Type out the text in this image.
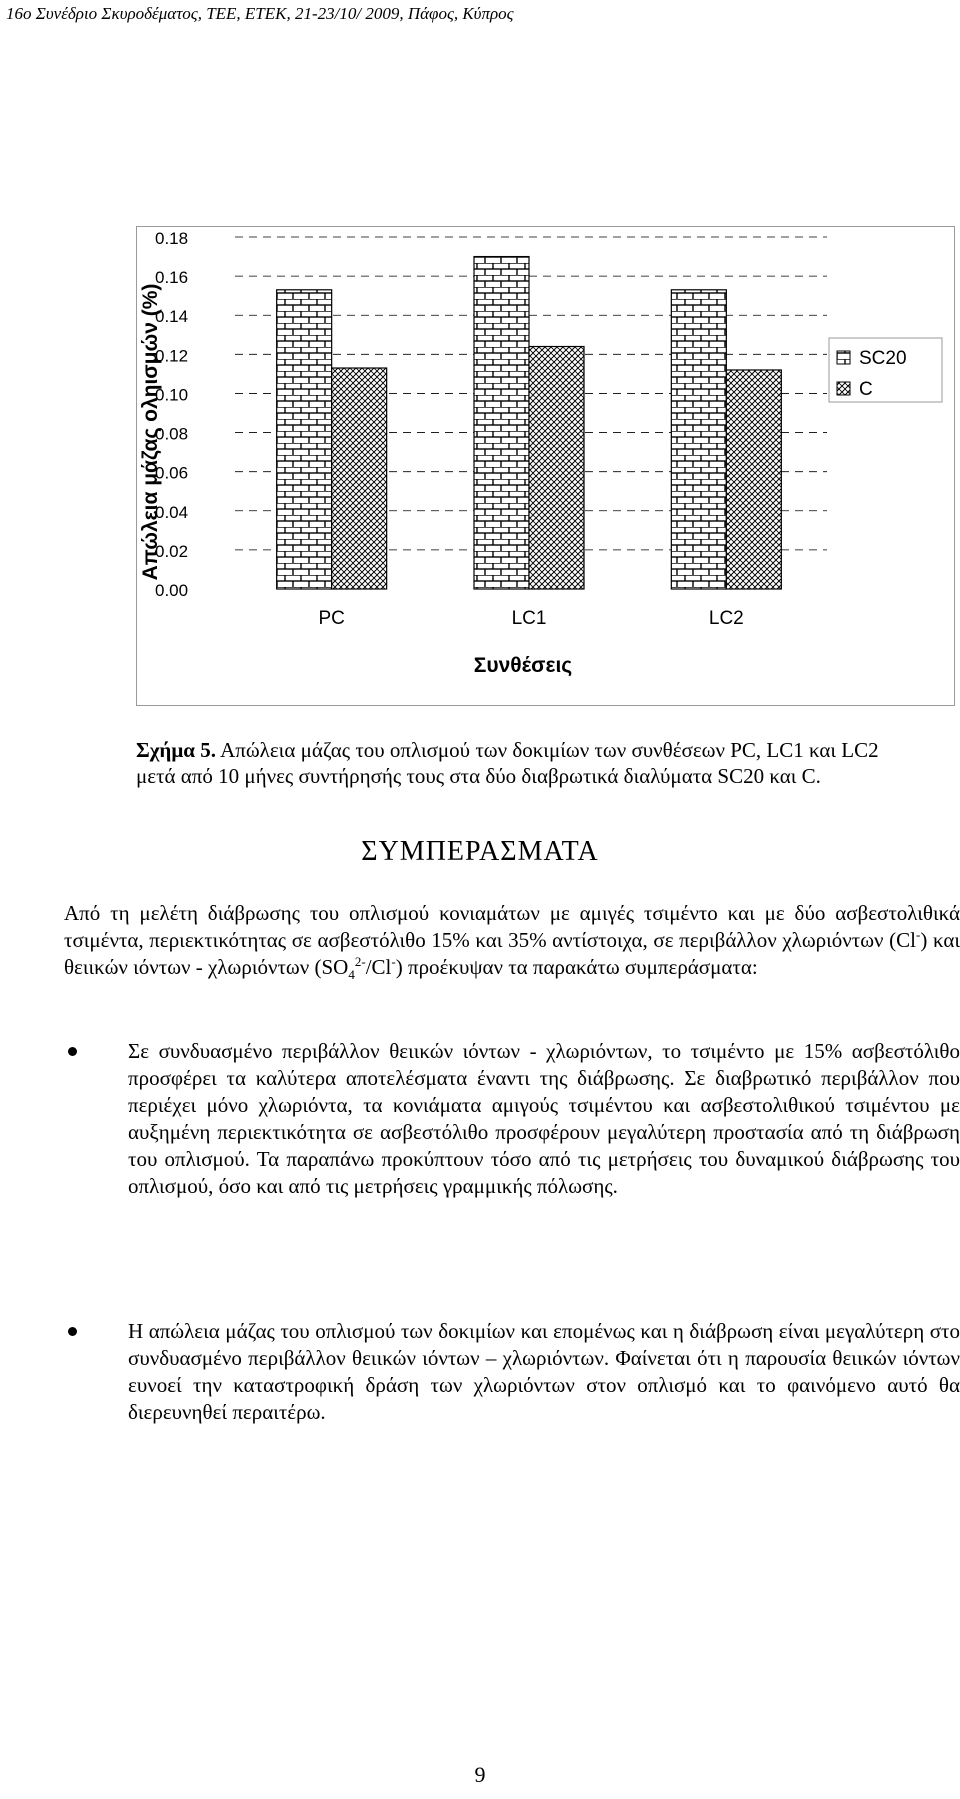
16ο Συνέδριο Σκυροδέματος, ΤΕΕ, ΕΤΕΚ, 21-23/10/ 2009, Πάφος, Κύπρος
0.18
0.16
0.14
0.12
0.10
0.08
0.06
0.04
0.02
0.00
PC	LC1	LC2
Απώλεια μάζας οληισμών (%)
Συνθέσεις
SC20
C
Σχήμα 5. Απώλεια μάζας του οπλισμού των δοκιμίων των συνθέσεων PC, LC1 και LC2
μετά από 10 μήνες συντήρησής τους στα δύο διαβρωτικά διαλύματα SC20 και C.
ΣΥΜΠΕΡΑΣΜΑΤΑ
Από τη μελέτη διάβρωσης του οπλισμού κονιαμάτων με αμιγές τσιμέντο και με δύο ασβεστολιθικά τσιμέντα, περιεκτικότητας σε ασβεστόλιθο 15% και 35% αντίστοιχα, σε περιβάλλον χλωριόντων (Cl-) και θειικών ιόντων - χλωριόντων $(SO_4^{2-}/Cl^-)$ προέκυψαν τα παρακάτω συμπεράσματα:
Σε συνδυασμένο περιβάλλον θειικών ιόντων - χλωριόντων, το τσιμέντο με 15% ασβεστόλιθο προσφέρει τα καλύτερα αποτελέσματα έναντι της διάβρωσης. Σε διαβρωτικό περιβάλλον που περιέχει μόνο χλωριόντα, τα κονιάματα αμιγούς τσιμέντου και ασβεστολιθικού τσιμέντου με αυξημένη περιεκτικότητα σε ασβεστόλιθο προσφέρουν μεγαλύτερη προστασία από τη διάβρωση του οπλισμού. Τα παραπάνω προκύπτουν τόσο από τις μετρήσεις του δυναμικού διάβρωσης του οπλισμού, όσο και από τις μετρήσεις γραμμικής πόλωσης.
Η απώλεια μάζας του οπλισμού των δοκιμίων και επομένως και η διάβρωση είναι μεγαλύτερη στο συνδυασμένο περιβάλλον θειικών ιόντων – χλωριόντων. Φαίνεται ότι η παρουσία θειικών ιόντων ευνοεί την καταστροφική δράση των χλωριόντων στον οπλισμό και το φαινόμενο αυτό θα διερευνηθεί περαιτέρω.
9
